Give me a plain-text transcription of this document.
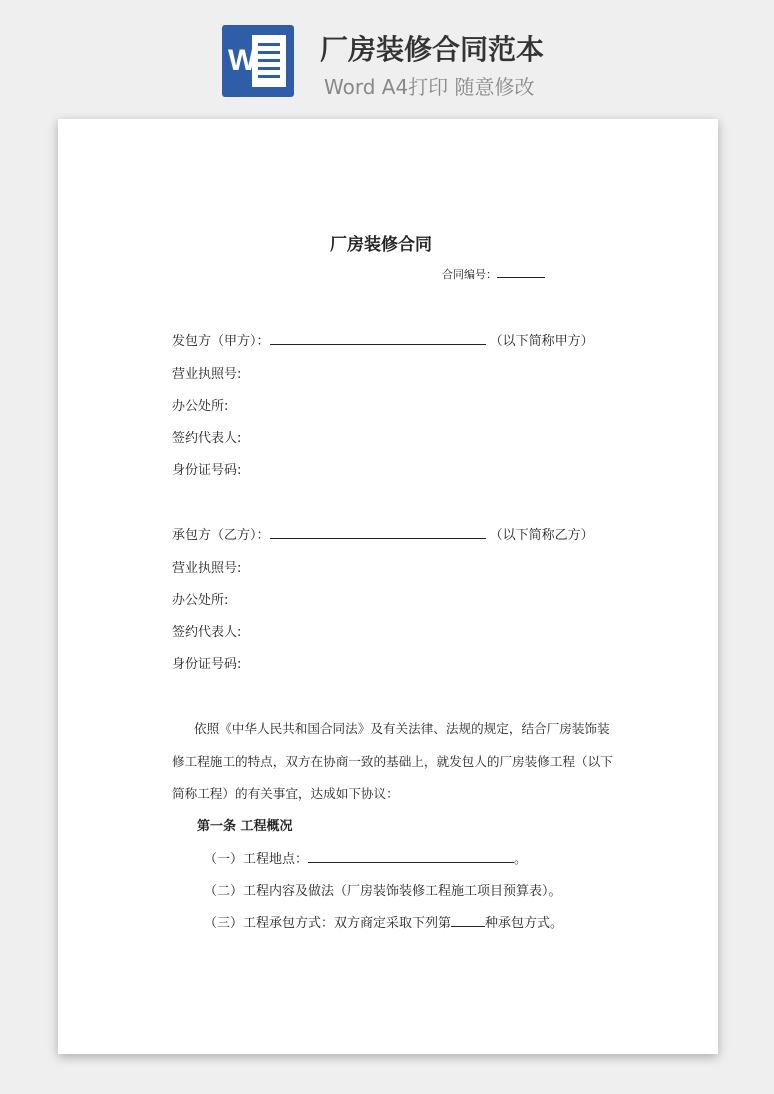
W 厂房装修合同范本
Word A4打印 随意修改
厂房装修合同
合同编号：
发包方（甲方）：	（以下简称甲方）
营业执照号:
办公处所:
签约代表人:
身份证号码:
承包方（乙方）：	（以下简称乙方）
营业执照号:
办公处所:
签约代表人:
身份证号码:
依照《中华人民共和国合同法》及有关法律、法规的规定，结合厂房装饰装
修工程施工的特点，双方在协商一致的基础上，就发包人的厂房装修工程（以下
简称工程）的有关事宜，达成如下协议：
第一条 工程概况
（一）工程地点：	。
（二）工程内容及做法（厂房装饰装修工程施工项目预算表）。
（三）工程承包方式：双方商定采取下列第	种承包方式。
